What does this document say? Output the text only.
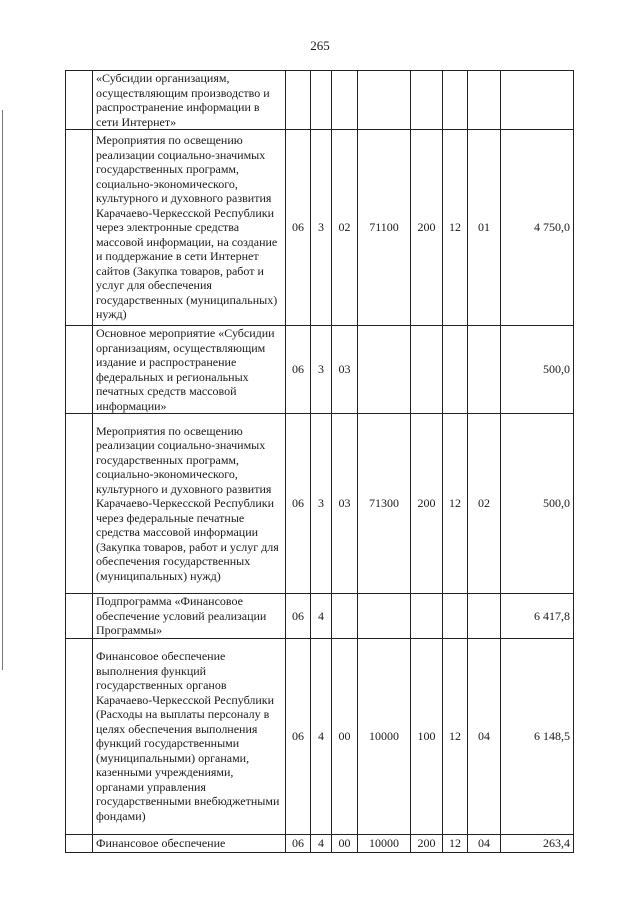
265
	«Субсидии организациям, осуществляющим производство и распространение информации в сети Интернет»								
	Мероприятия по освещению реализации социально-значимых государственных программ, социально-экономического, культурного и духовного развития Карачаево-Черкесской Республики через электронные средства массовой информации, на создание и поддержание в сети Интернет сайтов (Закупка товаров, работ и услуг для обеспечения государственных (муниципальных) нужд)	06	3	02	71100	200	12	01	4 750,0
	Основное мероприятие «Субсидии организациям, осуществляющим издание и распространение федеральных и региональных печатных средств массовой информации»	06	3	03					500,0
	Мероприятия по освещению реализации социально-значимых государственных программ, социально-экономического, культурного и духовного развития Карачаево-Черкесской Республики через федеральные печатные средства массовой информации (Закупка товаров, работ и услуг для обеспечения государственных (муниципальных) нужд)	06	3	03	71300	200	12	02	500,0
	Подпрограмма «Финансовое обеспечение условий реализации Программы»	06	4						6 417,8
	Финансовое обеспечение выполнения функций государственных органов Карачаево-Черкесской Республики (Расходы на выплаты персоналу в целях обеспечения выполнения функций государственными (муниципальными) органами, казенными учреждениями, органами управления государственными внебюджетными фондами)	06	4	00	10000	100	12	04	6 148,5
	Финансовое обеспечение	06	4	00	10000	200	12	04	263,4
